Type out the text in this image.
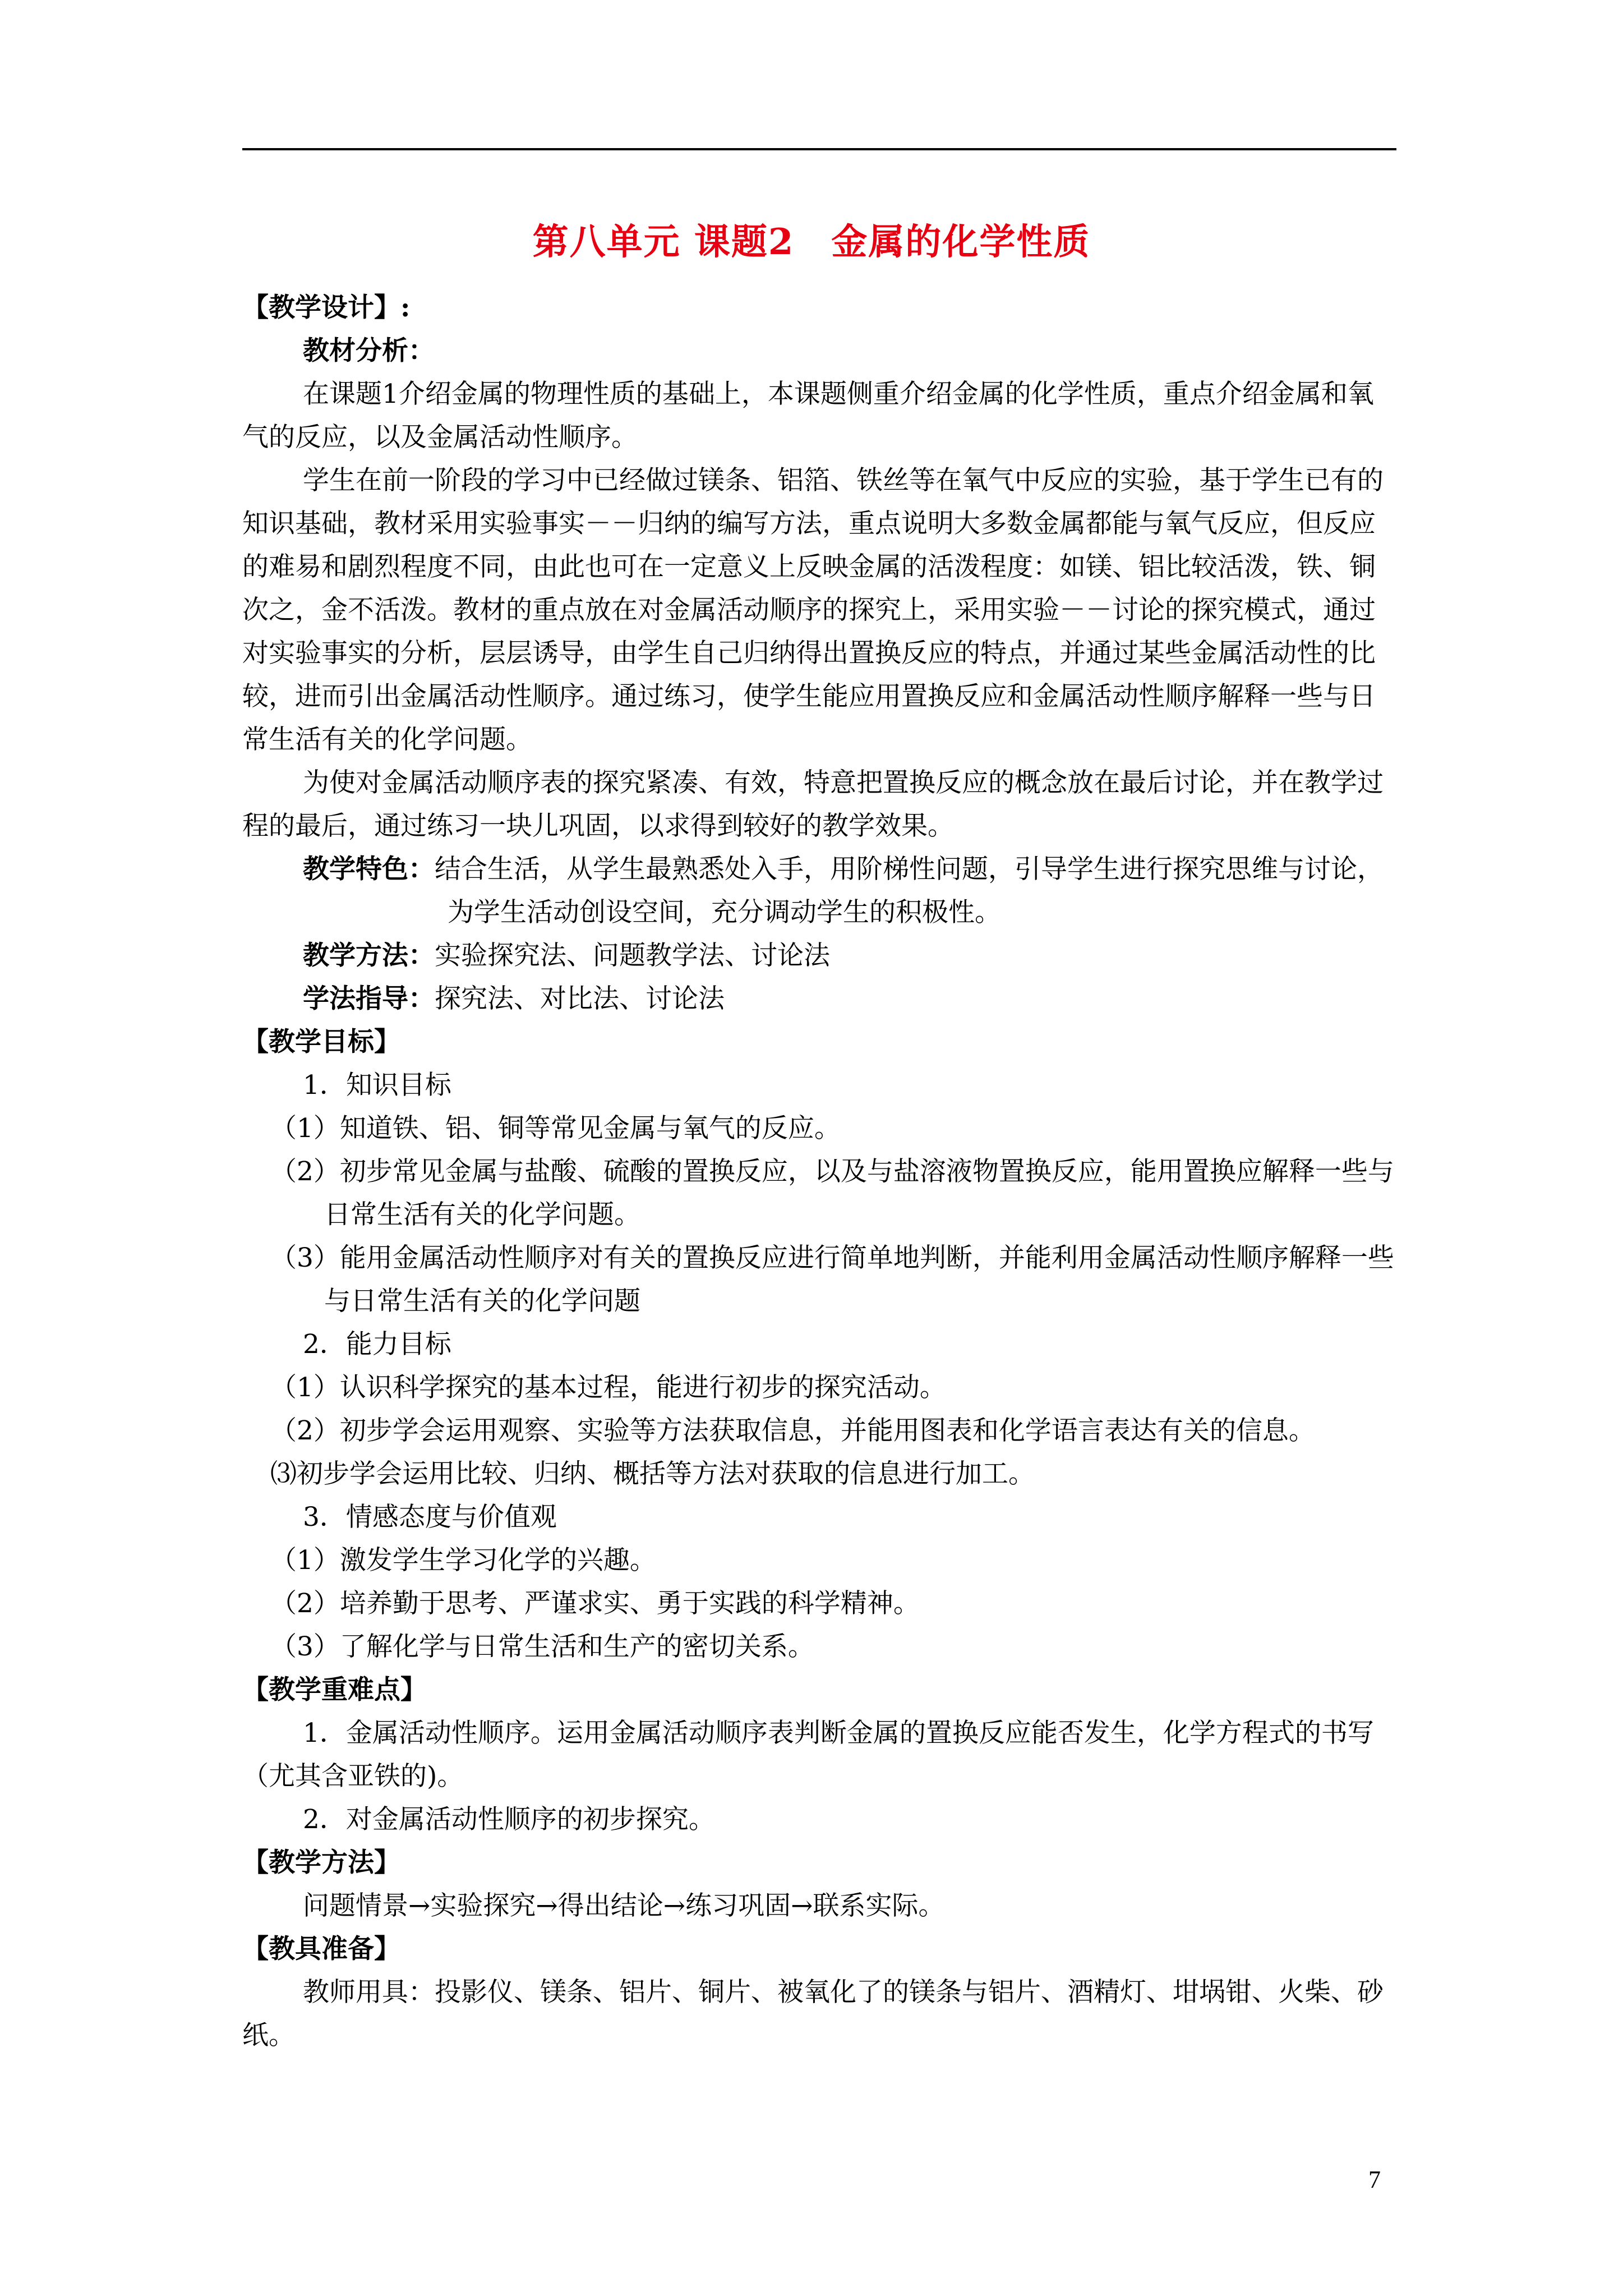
第八单元 课题2　金属的化学性质

【教学设计】:

教材分析：

在课题1介绍金属的物理性质的基础上，本课题侧重介绍金属的化学性质，重点介绍金属和氧气的反应，以及金属活动性顺序。

学生在前一阶段的学习中已经做过镁条、铝箔、铁丝等在氧气中反应的实验，基于学生已有的知识基础，教材采用实验事实－－归纳的编写方法，重点说明大多数金属都能与氧气反应，但反应的难易和剧烈程度不同，由此也可在一定意义上反映金属的活泼程度：如镁、铝比较活泼，铁、铜次之，金不活泼。教材的重点放在对金属活动顺序的探究上，采用实验－－讨论的探究模式，通过对实验事实的分析，层层诱导，由学生自己归纳得出置换反应的特点，并通过某些金属活动性的比较，进而引出金属活动性顺序。通过练习，使学生能应用置换反应和金属活动性顺序解释一些与日常生活有关的化学问题。

为使对金属活动顺序表的探究紧凑、有效，特意把置换反应的概念放在最后讨论，并在教学过程的最后，通过练习一块儿巩固，以求得到较好的教学效果。

教学特色：结合生活，从学生最熟悉处入手，用阶梯性问题，引导学生进行探究思维与讨论，为学生活动创设空间，充分调动学生的积极性。

教学方法：实验探究法、问题教学法、讨论法

学法指导：探究法、对比法、讨论法

【教学目标】

1．知识目标

（1）知道铁、铝、铜等常见金属与氧气的反应。

（2）初步常见金属与盐酸、硫酸的置换反应，以及与盐溶液物置换反应，能用置换应解释一些与日常生活有关的化学问题。

（3）能用金属活动性顺序对有关的置换反应进行简单地判断，并能利用金属活动性顺序解释一些与日常生活有关的化学问题

2．能力目标

（1）认识科学探究的基本过程，能进行初步的探究活动。

（2）初步学会运用观察、实验等方法获取信息，并能用图表和化学语言表达有关的信息。

⑶初步学会运用比较、归纳、概括等方法对获取的信息进行加工。

3．情感态度与价值观

（1）激发学生学习化学的兴趣。

（2）培养勤于思考、严谨求实、勇于实践的科学精神。

（3）了解化学与日常生活和生产的密切关系。

【教学重难点】

1．金属活动性顺序。运用金属活动顺序表判断金属的置换反应能否发生，化学方程式的书写（尤其含亚铁的)。

2．对金属活动性顺序的初步探究。

【教学方法】

问题情景→实验探究→得出结论→练习巩固→联系实际。

【教具准备】

教师用具：投影仪、镁条、铝片、铜片、被氧化了的镁条与铝片、酒精灯、坩埚钳、火柴、砂纸。

7
